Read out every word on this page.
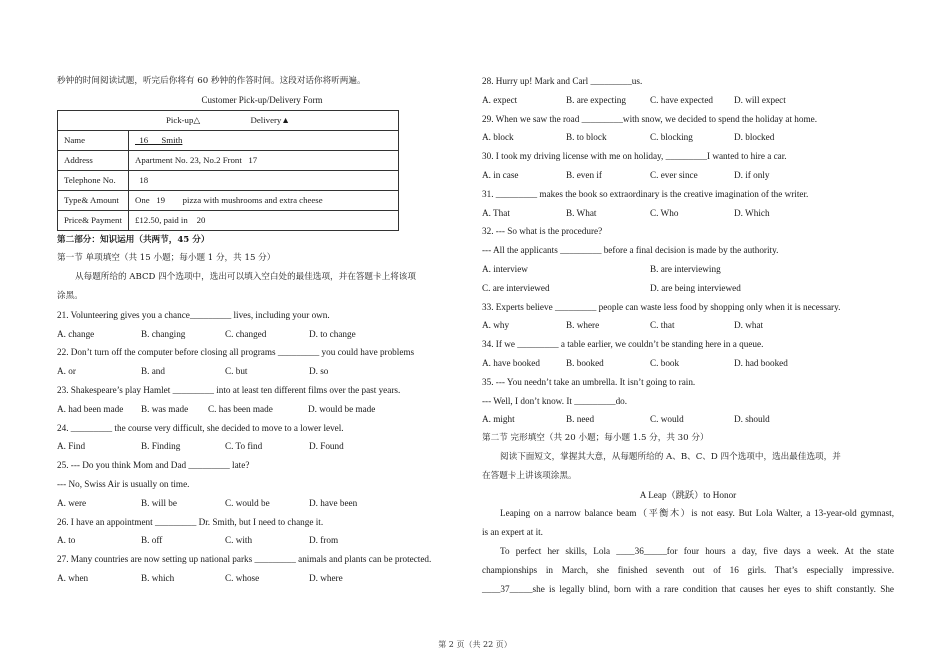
秒钟的时间阅读试题，听完后你将有 60 秒钟的作答时间。这段对话你将听两遍。
Customer Pick-up/Delivery Form
Pick-up△ Delivery▲	
Name	16      Smith
Address	Apartment No. 23, No.2 Front   17
Telephone No.	18
Type& Amount	One   19        pizza with mushrooms and extra cheese
Price& Payment	£12.50, paid in    20
第二部分：知识运用（共两节，45 分）
第一节 单项填空（共 15 小题；每小题 1 分，共 15 分）
从每题所给的 ABCD 四个选项中，选出可以填入空白处的最佳选项，并在答题卡上将该项
涂黑。
21. Volunteering gives you a chance_________ lives, including your own.
A. change	B. changing	C. changed	D. to change
22. Don’t turn off the computer before closing all programs _________ you could have problems
A. or	B. and	C. but	D. so
23. Shakespeare’s play Hamlet _________ into at least ten different films over the past years.
A. had been made	B. was made	C. has been made	D. would be made
24. _________ the course very difficult, she decided to move to a lower level.
A. Find	B. Finding	C. To find	D. Found
25. --- Do you think Mom and Dad _________ late?
--- No, Swiss Air is usually on time.
A. were	B. will be	C. would be	D. have been
26. I have an appointment _________ Dr. Smith, but I need to change it.
A. to	B. off	C. with	D. from
27. Many countries are now setting up national parks _________ animals and plants can be protected.
A. when	B. which	C. whose	D. where
28. Hurry up! Mark and Carl _________us.
A. expect	B. are expecting	C. have expected	D. will expect
29. When we saw the road _________with snow, we decided to spend the holiday at home.
A. block	B. to block	C. blocking	D. blocked
30. I took my driving license with me on holiday, _________I wanted to hire a car.
A. in case	B. even if	C. ever since	D. if only
31. _________ makes the book so extraordinary is the creative imagination of the writer.
A. That	B. What	C. Who	D. Which
32. --- So what is the procedure?
--- All the applicants _________ before a final decision is made by the authority.
A. interview	B. are interviewing
C. are interviewed	D. are being interviewed
33. Experts believe _________ people can waste less food by shopping only when it is necessary.
A. why	B. where	C. that	D. what
34. If we _________ a table earlier, we couldn’t be standing here in a queue.
A. have booked	B. booked	C. book	D. had booked
35. --- You needn’t take an umbrella. It isn’t going to rain.
--- Well, I don’t know. It _________do.
A. might	B. need	C. would	D. should
第二节 完形填空（共 20 小题；每小题 1.5 分，共 30 分）
阅读下面短文，掌握其大意，从每题所给的 A、B、C、D 四个选项中，选出最佳选项，并
在答题卡上讲该项涂黑。
A Leap（跳跃）to Honor
Leaping on a narrow balance beam（平衡木）is not easy. But Lola Walter, a 13-year-old gymnast,
is an expert at it.
To perfect her skills, Lola ____36_____for four hours a day, five days a week. At the state
championships in March, she finished seventh out of 16 girls. That’s especially impressive.
____37_____she is legally blind, born with a rare condition that causes her eyes to shift constantly. She
第 2 页（共 22 页）
